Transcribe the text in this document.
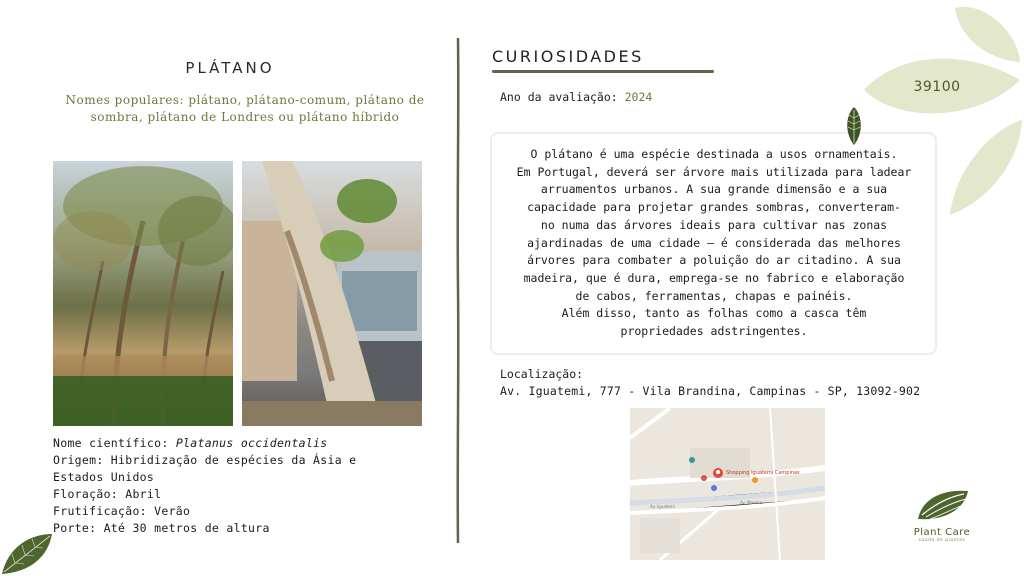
PLÁTANO
Nomes populares: plátano, plátano-comum, plátano de sombra, plátano de Londres ou plátano híbrido
Nome científico: Platanus occidentalis
Origem: Hibridização de espécies da Ásia e
Estados Unidos
Floração: Abril
Frutificação: Verão
Porte: Até 30 metros de altura
CURIOSIDADES
Ano da avaliação: 2024

O plátano é uma espécie destinada a usos ornamentais.

Em Portugal, deverá ser árvore mais utilizada para ladear

arruamentos urbanos. A sua grande dimensão e a sua

capacidade para projetar grandes sombras, converteram-

no numa das árvores ideais para cultivar nas zonas

ajardinadas de uma cidade – é considerada das melhores

árvores para combater a poluição do ar citadino. A sua

madeira, que é dura, emprega-se no fabrico e elaboração

de cabos, ferramentas, chapas e painéis.

Além disso, tanto as folhas como a casca têm

propriedades adstringentes.

Localização:
Av. Iguatemi, 777 - Vila Brandina, Campinas - SP, 13092-902
Shopping Iguatemi Campinas
Av. Iguatemi
Av. Moreira
39100
Plant Care
saúde de plantas
